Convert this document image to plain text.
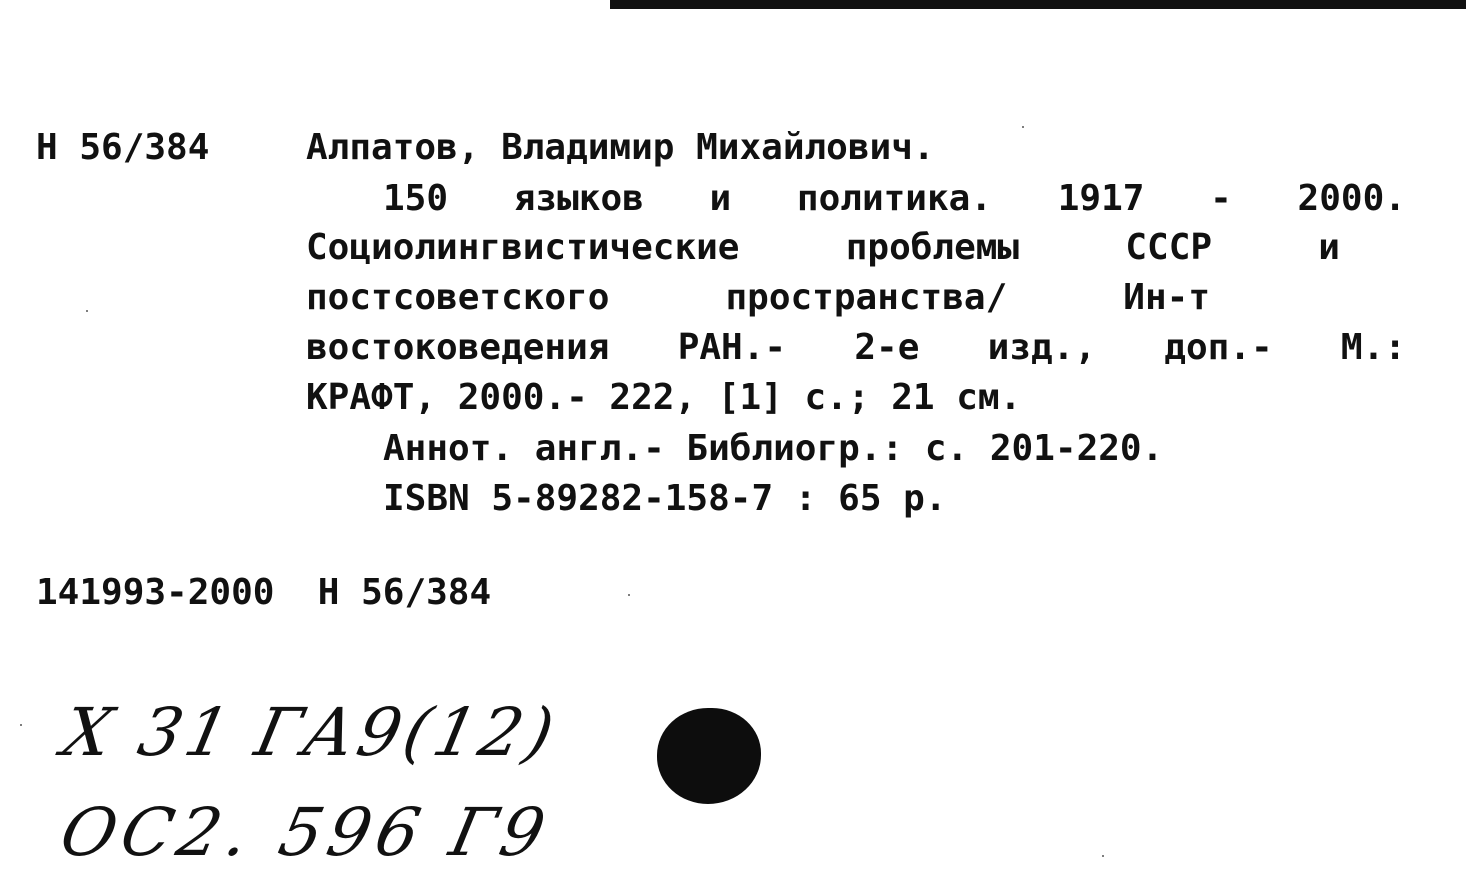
Н 56/384	Алпатов, Владимир Михайлович.
150 языков и политика. 1917 - 2000.
Социолингвистические	проблемы	СССР	и
постсоветского	пространства/	Ин-т
востоковедения РАН.- 2-е изд., доп.- М.:
КРАФТ, 2000.- 222, [1] с.; 21 см.
Аннот. англ.- Библиогр.: с. 201-220.
ISBN 5-89282-158-7 : 65 р.
141993-2000  Н 56/384
Х 31 ГА9(12)
ОС2. 596 Г9
